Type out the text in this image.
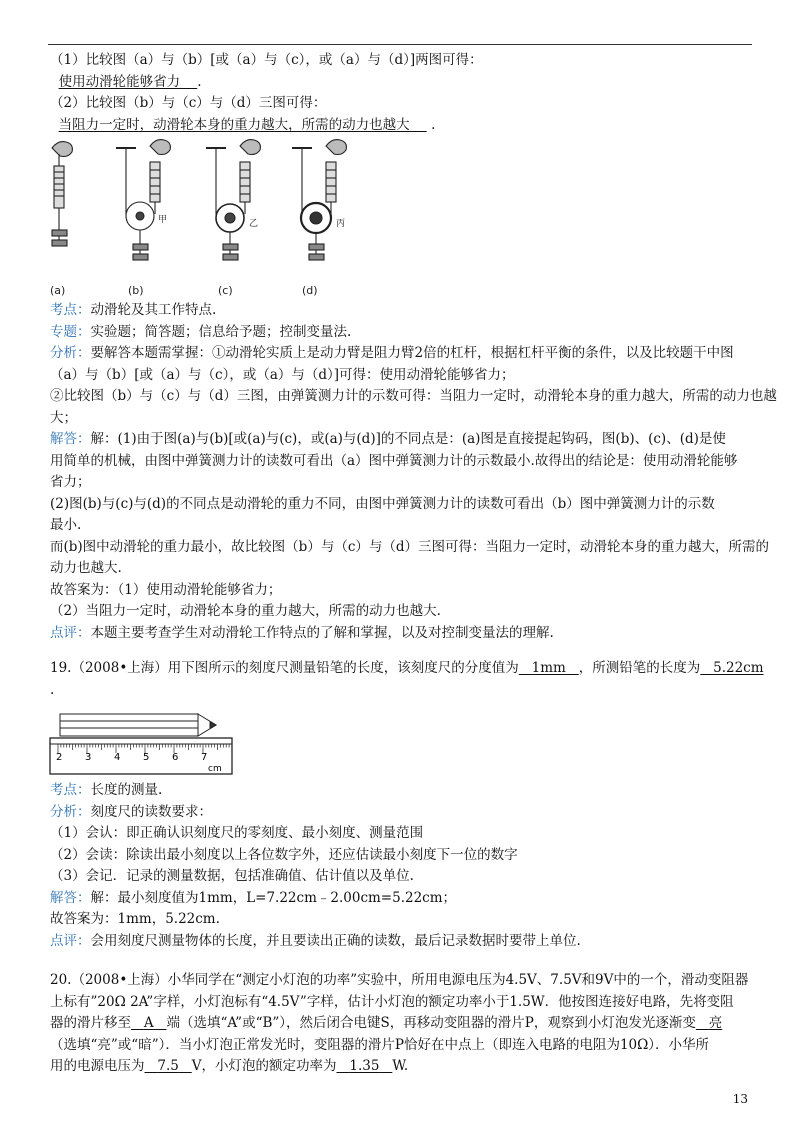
（1）比较图（a）与（b）[或（a）与（c），或（a）与（d）]两图可得：
使用动滑轮能够省力 .
（2）比较图（b）与（c）与（d）三图可得：
当阻力一定时，动滑轮本身的重力越大，所需的动力也越大 .
甲	乙	丙
(a)	(b)	(c)	(d)
考点：动滑轮及其工作特点.
专题：实验题；简答题；信息给予题；控制变量法.
分析：要解答本题需掌握：①动滑轮实质上是动力臂是阻力臂2倍的杠杆，根据杠杆平衡的条件，以及比较题干中图
（a）与（b）[或（a）与（c），或（a）与（d）]可得：使用动滑轮能够省力；
②比较图（b）与（c）与（d）三图，由弹簧测力计的示数可得：当阻力一定时，动滑轮本身的重力越大，所需的动力也越
大；
解答：解：(1)由于图(a)与(b)[或(a)与(c)，或(a)与(d)]的不同点是：(a)图是直接提起钩码，图(b)、(c)、(d)是使
用简单的机械，由图中弹簧测力计的读数可看出（a）图中弹簧测力计的示数最小.故得出的结论是：使用动滑轮能够
省力；
(2)图(b)与(c)与(d)的不同点是动滑轮的重力不同，由图中弹簧测力计的读数可看出（b）图中弹簧测力计的示数
最小.
而(b)图中动滑轮的重力最小，故比较图（b）与（c）与（d）三图可得：当阻力一定时，动滑轮本身的重力越大，所需的
动力也越大.
故答案为：（1）使用动滑轮能够省力；
（2）当阻力一定时，动滑轮本身的重力越大，所需的动力也越大.
点评：本题主要考查学生对动滑轮工作特点的了解和掌握，以及对控制变量法的理解.
19.（2008•上海）用下图所示的刻度尺测量铅笔的长度，该刻度尺的分度值为 1mm ，所测铅笔的长度为 5.22cm
.
2 3 4 5 6 7
cm
考点：长度的测量.
分析：刻度尺的读数要求：
（1）会认：即正确认识刻度尺的零刻度、最小刻度、测量范围
（2）会读：除读出最小刻度以上各位数字外，还应估读最小刻度下一位的数字
（3）会记．记录的测量数据，包括准确值、估计值以及单位.
解答：解：最小刻度值为1mm，L=7.22cm﹣2.00cm=5.22cm；
故答案为：1mm，5.22cm.
点评：会用刻度尺测量物体的长度，并且要读出正确的读数，最后记录数据时要带上单位.
20.（2008•上海）小华同学在“测定小灯泡的功率”实验中，所用电源电压为4.5V、7.5V和9V中的一个，滑动变阻器
上标有”20Ω 2A”字样，小灯泡标有“4.5V”字样，估计小灯泡的额定功率小于1.5W．他按图连接好电路，先将变阻
器的滑片移至 A 端（选填“A”或“B”），然后闭合电键S，再移动变阻器的滑片P，观察到小灯泡发光逐渐变 亮
（选填“亮”或“暗”）．当小灯泡正常发光时，变阻器的滑片P恰好在中点上（即连入电路的电阻为10Ω）．小华所
用的电源电压为 7.5 V，小灯泡的额定功率为 1.35 W.
13
